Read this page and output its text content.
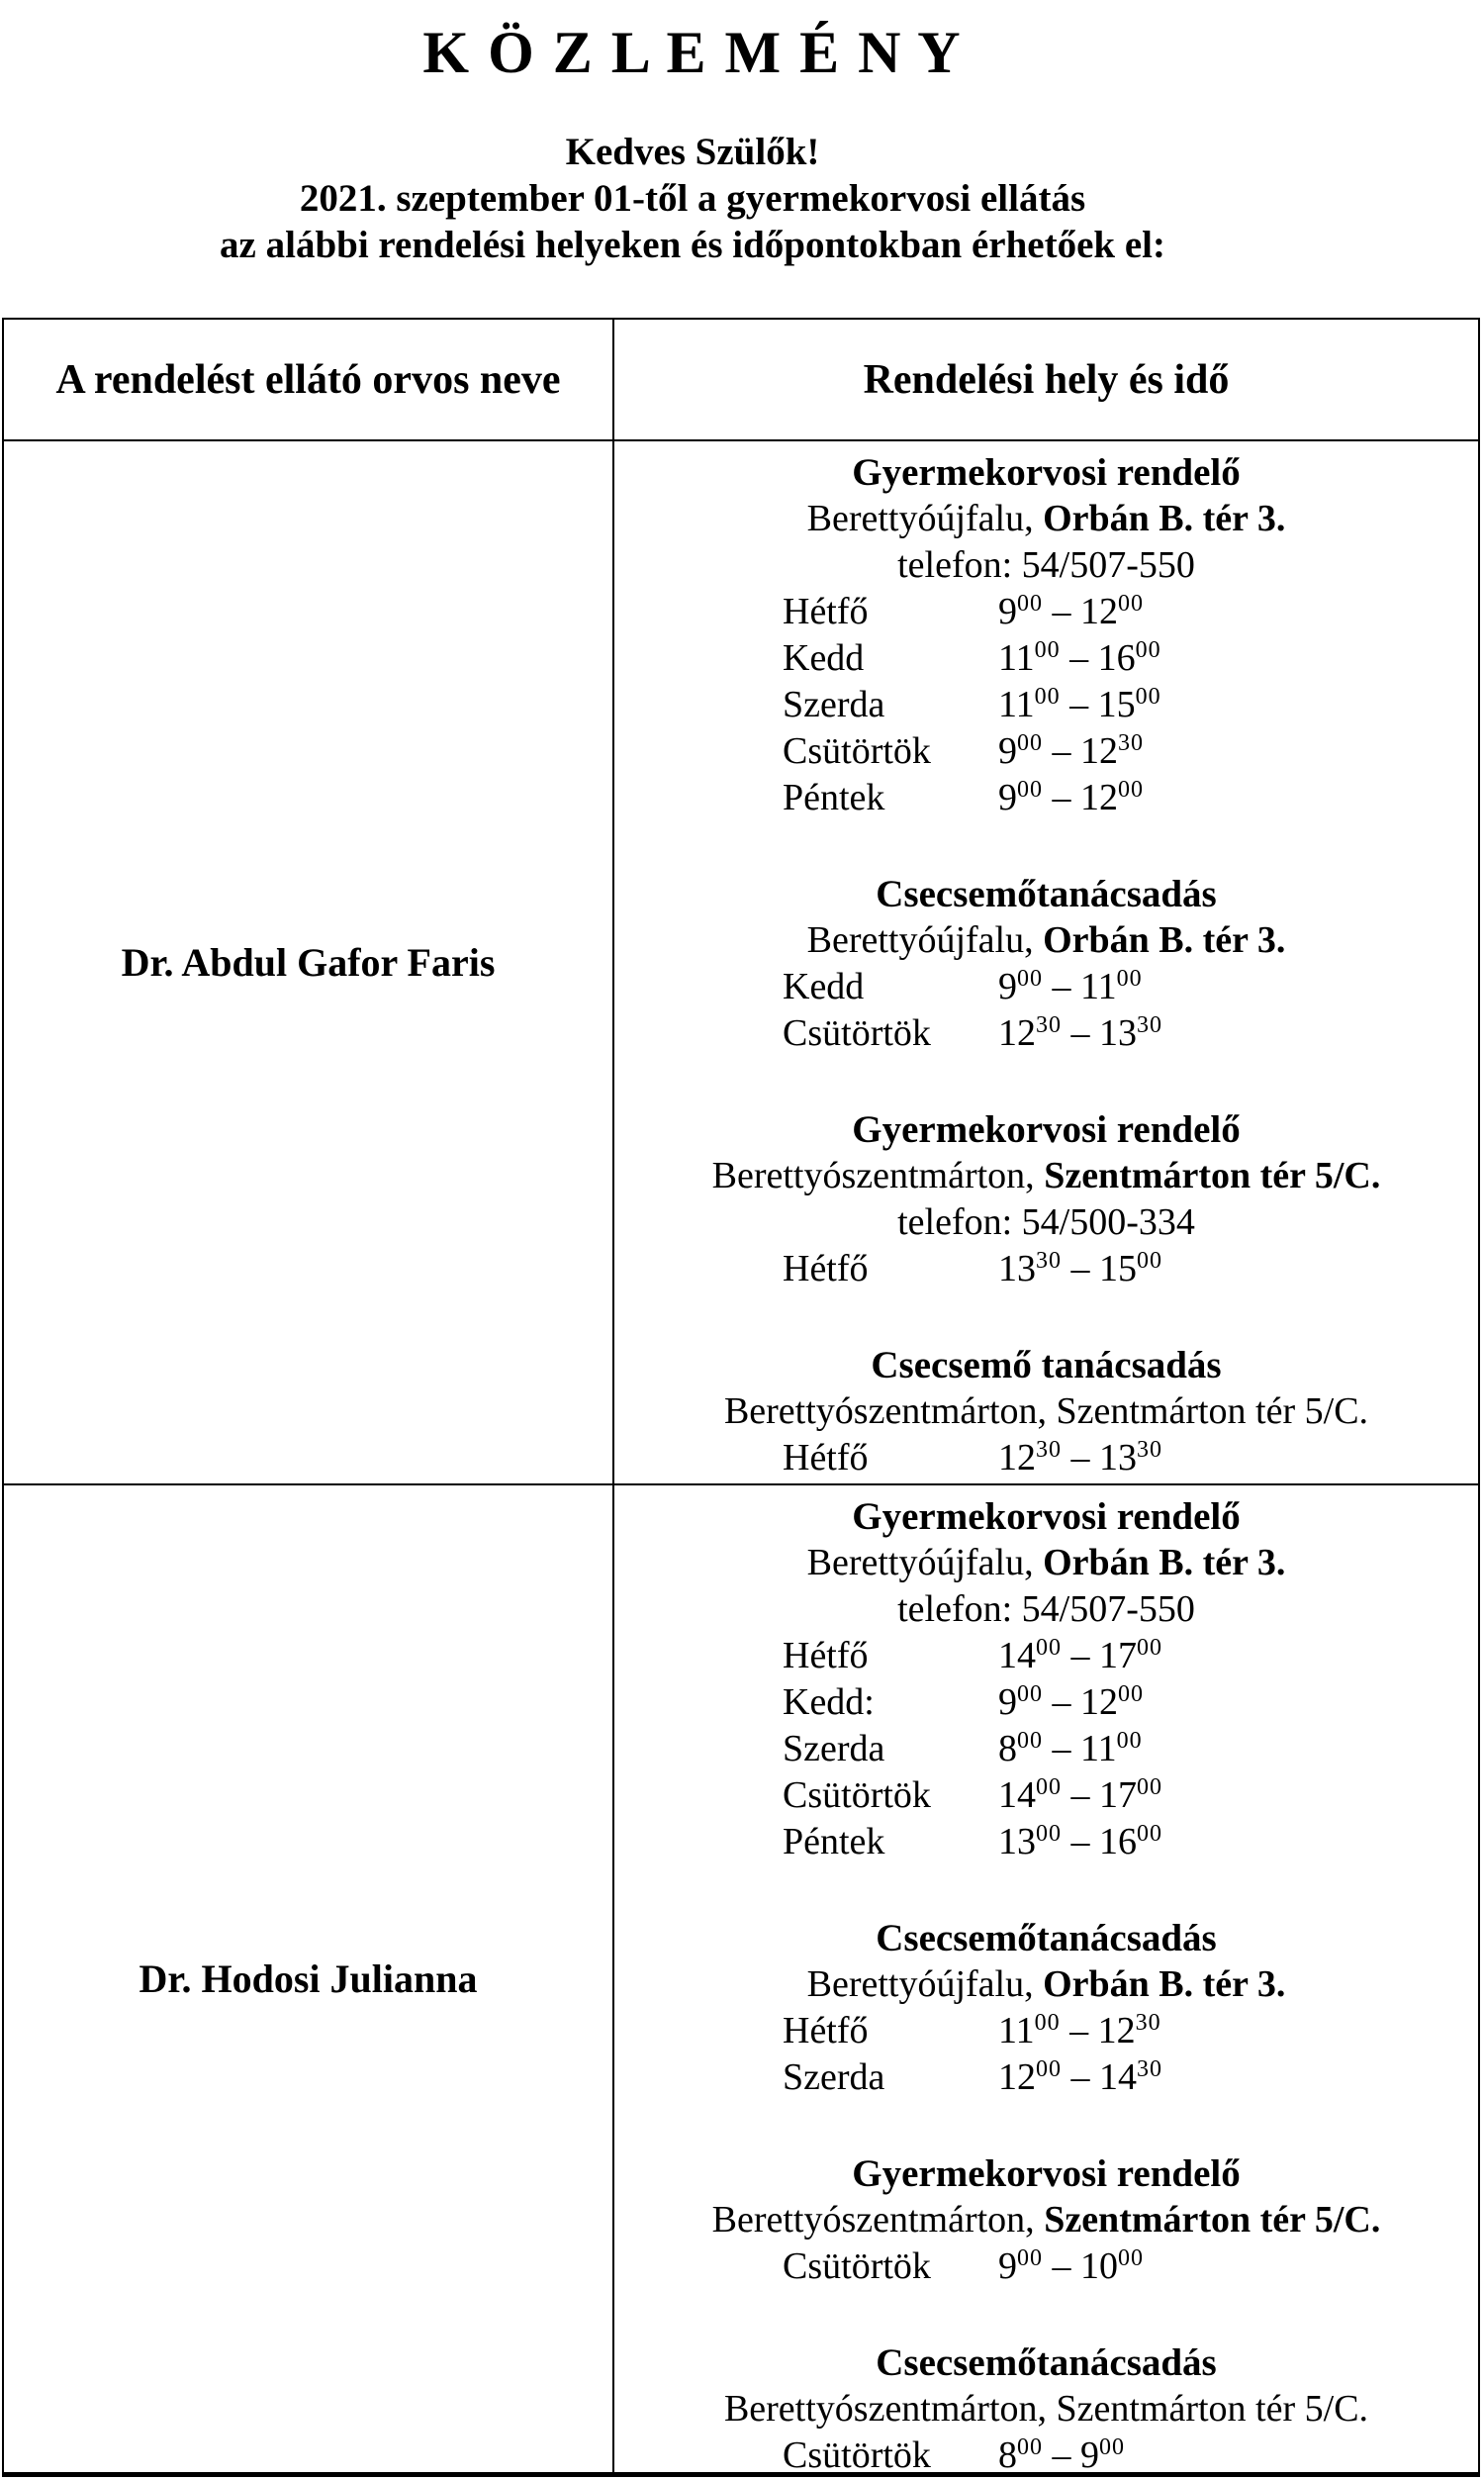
K Ö Z L E M É N Y
Kedves Szülők!
2021. szeptember 01-től a gyermekorvosi ellátás
az alábbi rendelési helyeken és időpontokban érhetőek el:
A rendelést ellátó orvos neve	Rendelési hely és idő
Dr. Abdul Gafor Faris
Gyermekorvosi rendelő
Berettyóújfalu, Orbán B. tér 3.
telefon: 54/507-550
Hétfő	$9^{00} - 12^{00}$
Kedd	$11^{00} - 16^{00}$
Szerda	$11^{00} - 15^{00}$
Csütörtök $9^{00} - 12^{30}$
Péntek	$9^{00} - 12^{00}$
Csecsemőtanácsadás
Berettyóújfalu, Orbán B. tér 3.
Kedd	$9^{00} - 11^{00}$
Csütörtök $12^{30} - 13^{30}$
Gyermekorvosi rendelő
Berettyószentmárton, Szentmárton tér 5/C.
telefon: 54/500-334
Hétfő	$13^{30} - 15^{00}$
Csecsemő tanácsadás
Berettyószentmárton, Szentmárton tér 5/C.
Hétfő	$12^{30} - 13^{30}$
Dr. Hodosi Julianna
Gyermekorvosi rendelő
Berettyóújfalu, Orbán B. tér 3.
telefon: 54/507-550
Hétfő	$14^{00} - 17^{00}$
Kedd:	$9^{00} - 12^{00}$
Szerda	$8^{00} - 11^{00}$
Csütörtök $14^{00} - 17^{00}$
Péntek	$13^{00} - 16^{00}$
Csecsemőtanácsadás
Berettyóújfalu, Orbán B. tér 3.
Hétfő	$11^{00} - 12^{30}$
Szerda	$12^{00} - 14^{30}$
Gyermekorvosi rendelő
Berettyószentmárton, Szentmárton tér 5/C.
Csütörtök $9^{00} - 10^{00}$
Csecsemőtanácsadás
Berettyószentmárton, Szentmárton tér 5/C.
Csütörtök $8^{00} - 9^{00}$
